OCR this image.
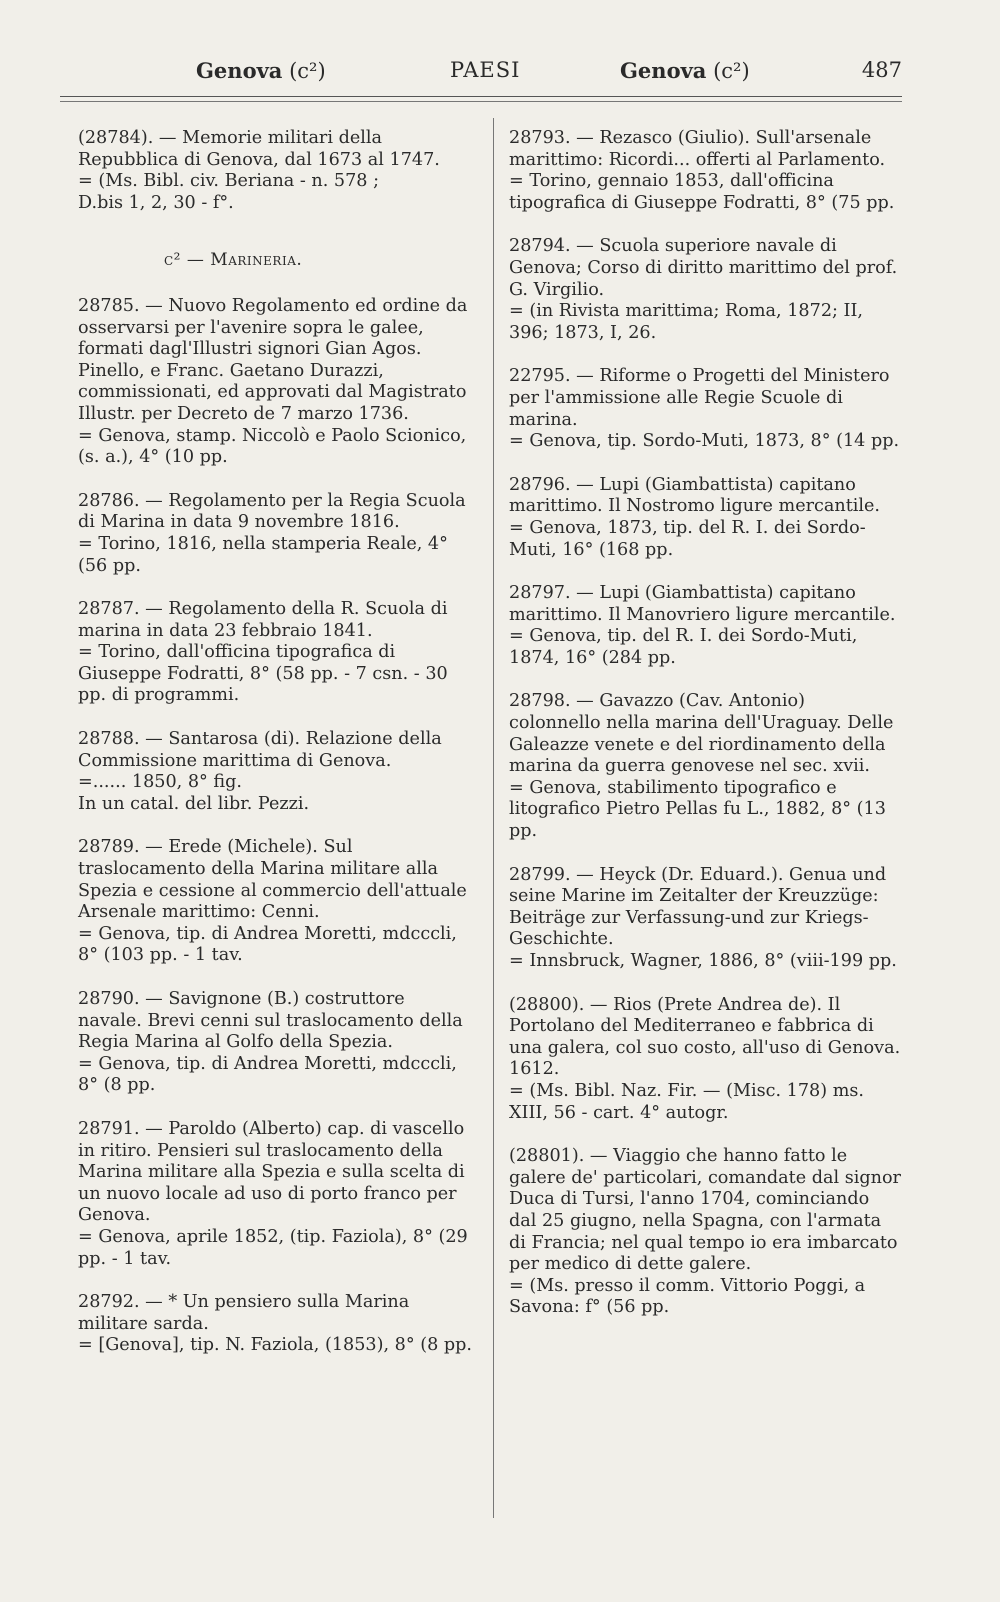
Genova (c²)	PAESI	Genova (c²)	487
(28784). — Memorie militari della Repubblica di Genova, dal 1673 al 1747.
= (Ms. Bibl. civ. Beriana - n. 578 ;
D.bis 1, 2, 30 - f°.
c² — Marineria.
28785. — Nuovo Regolamento ed ordine da osservarsi per l'avenire sopra le galee, formati dagl'Illustri signori Gian Agos. Pinello, e Franc. Gaetano Durazzi, commissionati, ed approvati dal Magistrato Illustr. per Decreto de 7 marzo 1736.
= Genova, stamp. Niccolò e Paolo Scionico, (s. a.), 4° (10 pp.
28786. — Regolamento per la Regia Scuola di Marina in data 9 novembre 1816.
= Torino, 1816, nella stamperia Reale, 4° (56 pp.
28787. — Regolamento della R. Scuola di marina in data 23 febbraio 1841.
= Torino, dall'officina tipografica di Giuseppe Fodratti, 8° (58 pp. - 7 csn. - 30 pp. di programmi.
28788. — Santarosa (di). Relazione della Commissione marittima di Genova.
=...... 1850, 8° fig.
In un catal. del libr. Pezzi.
28789. — Erede (Michele). Sul traslocamento della Marina militare alla Spezia e cessione al commercio dell'attuale Arsenale marittimo: Cenni.
= Genova, tip. di Andrea Moretti, mdccclі, 8° (103 pp. - 1 tav.
28790. — Savignone (B.) costruttore navale. Brevi cenni sul traslocamento della Regia Marina al Golfo della Spezia.
= Genova, tip. di Andrea Moretti, mdccclі, 8° (8 pp.
28791. — Paroldo (Alberto) cap. di vascello in ritiro. Pensieri sul traslocamento della Marina militare alla Spezia e sulla scelta di un nuovo locale ad uso di porto franco per Genova.
= Genova, aprile 1852, (tip. Faziola), 8° (29 pp. - 1 tav.
28792. — * Un pensiero sulla Marina militare sarda.
= [Genova], tip. N. Faziola, (1853), 8° (8 pp.
28793. — Rezasco (Giulio). Sull'arsenale marittimo: Ricordi... offerti al Parlamento.
= Torino, gennaio 1853, dall'officina tipografica di Giuseppe Fodratti, 8° (75 pp.
28794. — Scuola superiore navale di Genova; Corso di diritto marittimo del prof. G. Virgilio.
= (in Rivista marittima; Roma, 1872; II, 396; 1873, I, 26.
22795. — Riforme o Progetti del Ministero per l'ammissione alle Regie Scuole di marina.
= Genova, tip. Sordo-Muti, 1873, 8° (14 pp.
28796. — Lupi (Giambattista) capitano marittimo. Il Nostromo ligure mercantile.
= Genova, 1873, tip. del R. I. dei Sordo-Muti, 16° (168 pp.
28797. — Lupi (Giambattista) capitano marittimo. Il Manovriero ligure mercantile.
= Genova, tip. del R. I. dei Sordo-Muti, 1874, 16° (284 pp.
28798. — Gavazzo (Cav. Antonio) colonnello nella marina dell'Uraguay. Delle Galeazze venete e del riordinamento della marina da guerra genovese nel sec. xvii.
= Genova, stabilimento tipografico e litografico Pietro Pellas fu L., 1882, 8° (13 pp.
28799. — Heyck (Dr. Eduard.). Genua und seine Marine im Zeitalter der Kreuzzüge: Beiträge zur Verfassung-und zur Kriegs-Geschichte.
= Innsbruck, Wagner, 1886, 8° (viii-199 pp.
(28800). — Rios (Prete Andrea de). Il Portolano del Mediterraneo e fabbrica di una galera, col suo costo, all'uso di Genova. 1612.
= (Ms. Bibl. Naz. Fir. — (Misc. 178) ms. XIII, 56 - cart. 4° autogr.
(28801). — Viaggio che hanno fatto le galere de' particolari, comandate dal signor Duca di Tursi, l'anno 1704, cominciando dal 25 giugno, nella Spagna, con l'armata di Francia; nel qual tempo io era imbarcato per medico di dette galere.
= (Ms. presso il comm. Vittorio Poggi, a Savona: f° (56 pp.
